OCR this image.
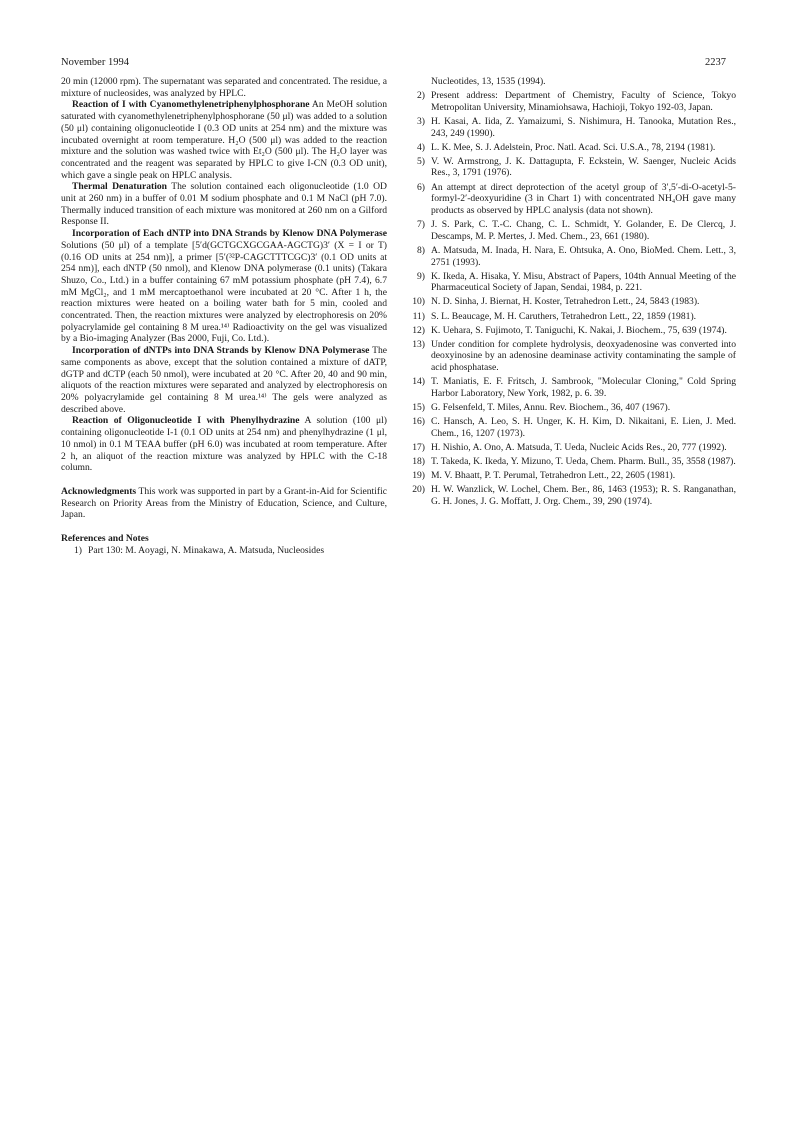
November 1994	2237

20 min (12000 rpm). The supernatant was separated and concentrated. The residue, a mixture of nucleosides, was analyzed by HPLC.

Reaction of I with Cyanomethylenetriphenylphosphorane An MeOH solution saturated with cyanomethylenetriphenylphosphorane (50 μl) was added to a solution (50 μl) containing oligonucleotide I (0.3 OD units at 254 nm) and the mixture was incubated overnight at room temperature. H₂O (500 μl) was added to the reaction mixture and the solution was washed twice with Et₂O (500 μl). The H₂O layer was concentrated and the reagent was separated by HPLC to give I-CN (0.3 OD unit), which gave a single peak on HPLC analysis.

Thermal Denaturation The solution contained each oligonucleotide (1.0 OD unit at 260 nm) in a buffer of 0.01 M sodium phosphate and 0.1 M NaCl (pH 7.0). Thermally induced transition of each mixture was monitored at 260 nm on a Gilford Response II.

Incorporation of Each dNTP into DNA Strands by Klenow DNA Polymerase Solutions (50 μl) of a template [5′d(GCTGCXGCGAA-AGCTG)3′ (X = I or T) (0.16 OD units at 254 nm)], a primer [5′(³²P-CAGCTTTCGC)3′ (0.1 OD units at 254 nm)], each dNTP (50 nmol), and Klenow DNA polymerase (0.1 units) (Takara Shuzo, Co., Ltd.) in a buffer containing 67 mM potassium phosphate (pH 7.4), 6.7 mM MgCl₂, and 1 mM mercaptoethanol were incubated at 20 °C. After 1 h, the reaction mixtures were heated on a boiling water bath for 5 min, cooled and concentrated. Then, the reaction mixtures were analyzed by electrophoresis on 20% polyacrylamide gel containing 8 M urea.¹⁴⁾ Radioactivity on the gel was visualized by a Bio-imaging Analyzer (Bas 2000, Fuji, Co. Ltd.).

Incorporation of dNTPs into DNA Strands by Klenow DNA Polymerase The same components as above, except that the solution contained a mixture of dATP, dGTP and dCTP (each 50 nmol), were incubated at 20 °C. After 20, 40 and 90 min, aliquots of the reaction mixtures were separated and analyzed by electrophoresis on 20% polyacrylamide gel containing 8 M urea.¹⁴⁾ The gels were analyzed as described above.

Reaction of Oligonucleotide I with Phenylhydrazine A solution (100 μl) containing oligonucleotide I-1 (0.1 OD units at 254 nm) and phenylhydrazine (1 μl, 10 nmol) in 0.1 M TEAA buffer (pH 6.0) was incubated at room temperature. After 2 h, an aliquot of the reaction mixture was analyzed by HPLC with the C-18 column.

Acknowledgments This work was supported in part by a Grant-in-Aid for Scientific Research on Priority Areas from the Ministry of Education, Science, and Culture, Japan.

References and Notes
1) Part 130: M. Aoyagi, N. Minakawa, A. Matsuda, Nucleosides
Nucleotides, 13, 1535 (1994).
2) Present address: Department of Chemistry, Faculty of Science, Tokyo Metropolitan University, Minamiohsawa, Hachioji, Tokyo 192-03, Japan.
3) H. Kasai, A. Iida, Z. Yamaizumi, S. Nishimura, H. Tanooka, Mutation Res., 243, 249 (1990).
4) L. K. Mee, S. J. Adelstein, Proc. Natl. Acad. Sci. U.S.A., 78, 2194 (1981).
5) V. W. Armstrong, J. K. Dattagupta, F. Eckstein, W. Saenger, Nucleic Acids Res., 3, 1791 (1976).
6) An attempt at direct deprotection of the acetyl group of 3′,5′-di-O-acetyl-5-formyl-2′-deoxyuridine (3 in Chart 1) with concentrated NH₄OH gave many products as observed by HPLC analysis (data not shown).
7) J. S. Park, C. T.-C. Chang, C. L. Schmidt, Y. Golander, E. De Clercq, J. Descamps, M. P. Mertes, J. Med. Chem., 23, 661 (1980).
8) A. Matsuda, M. Inada, H. Nara, E. Ohtsuka, A. Ono, BioMed. Chem. Lett., 3, 2751 (1993).
9) K. Ikeda, A. Hisaka, Y. Misu, Abstract of Papers, 104th Annual Meeting of the Pharmaceutical Society of Japan, Sendai, 1984, p. 221.
10) N. D. Sinha, J. Biernat, H. Koster, Tetrahedron Lett., 24, 5843 (1983).
11) S. L. Beaucage, M. H. Caruthers, Tetrahedron Lett., 22, 1859 (1981).
12) K. Uehara, S. Fujimoto, T. Taniguchi, K. Nakai, J. Biochem., 75, 639 (1974).
13) Under condition for complete hydrolysis, deoxyadenosine was converted into deoxyinosine by an adenosine deaminase activity contaminating the sample of acid phosphatase.
14) T. Maniatis, E. F. Fritsch, J. Sambrook, "Molecular Cloning," Cold Spring Harbor Laboratory, New York, 1982, p. 6. 39.
15) G. Felsenfeld, T. Miles, Annu. Rev. Biochem., 36, 407 (1967).
16) C. Hansch, A. Leo, S. H. Unger, K. H. Kim, D. Nikaitani, E. Lien, J. Med. Chem., 16, 1207 (1973).
17) H. Nishio, A. Ono, A. Matsuda, T. Ueda, Nucleic Acids Res., 20, 777 (1992).
18) T. Takeda, K. Ikeda, Y. Mizuno, T. Ueda, Chem. Pharm. Bull., 35, 3558 (1987).
19) M. V. Bhaatt, P. T. Perumal, Tetrahedron Lett., 22, 2605 (1981).
20) H. W. Wanzlick, W. Lochel, Chem. Ber., 86, 1463 (1953); R. S. Ranganathan, G. H. Jones, J. G. Moffatt, J. Org. Chem., 39, 290 (1974).
